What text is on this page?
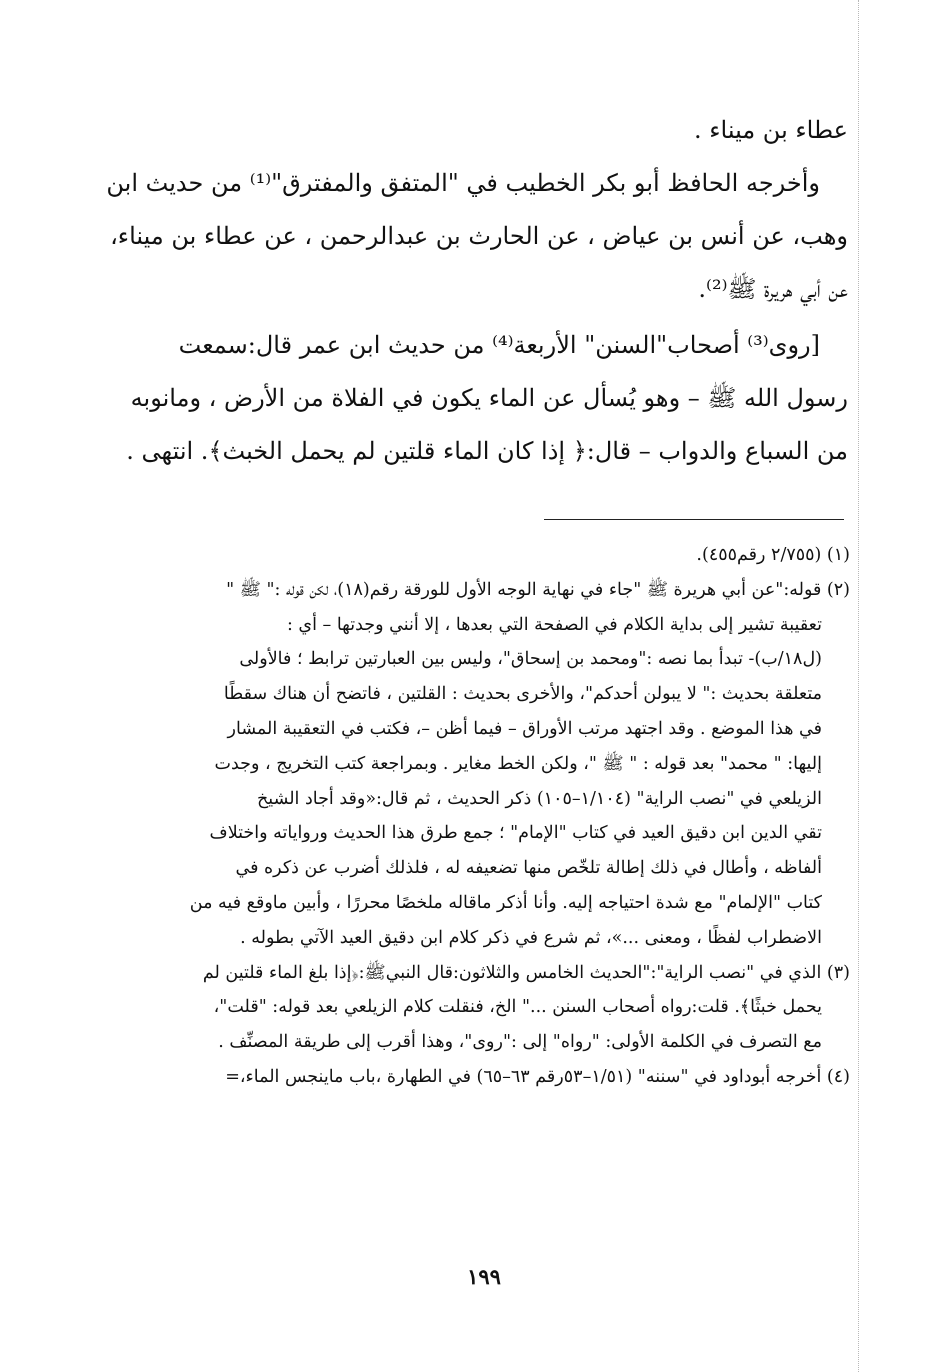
عطاء بن ميناء .

وأخرجه الحافظ أبو بكر الخطيب في "المتفق والمفترق"⁽¹⁾ من حديث ابن

وهب، عن أنس بن عياض ، عن الحارث بن عبدالرحمن ، عن عطاء بن ميناء،

عن أبي هريرة ﷺ⁽²⁾.

[روى⁽³⁾ أصحاب"السنن" الأربعة⁽⁴⁾ من حديث ابن عمر قال:سمعت

رسول الله ﷺ – وهو يُسأل عن الماء يكون في الفلاة من الأرض ، ومانوبه

من السباع والدواب – قال:﴿ إذا كان الماء قلتين لم يحمل الخبث﴾. انتهى .

(١) (٢/٧٥٥ رقم٤٥٥).

(٢) قوله:"عن أبي هريرة ﷺ "جاء في نهاية الوجه الأول للورقة رقم(١٨)، لكن قوله :" ﷺ "

تعقيبة تشير إلى بداية الكلام في الصفحة التي بعدها ، إلا أنني وجدتها – أي :

(ل١٨/ب)- تبدأ بما نصه :"ومحمد بن إسحاق"، وليس بين العبارتين ترابط ؛ فالأولى

متعلقة بحديث :" لا يبولن أحدكم"، والأخرى بحديث : القلتين ، فاتضح أن هناك سقطًا

في هذا الموضع . وقد اجتهد مرتب الأوراق – فيما أظن –، فكتب في التعقيبة المشار

إليها: " محمد" بعد قوله : " ﷺ "، ولكن الخط مغاير . وبمراجعة كتب التخريج ، وجدت

الزيلعي في "نصب الراية" (١/١٠٤–١٠٥) ذكر الحديث ، ثم قال:«وقد أجاد الشيخ

تقي الدين ابن دقيق العيد في كتاب "الإمام" ؛ جمع طرق هذا الحديث ورواياته واختلاف

ألفاظه ، وأطال في ذلك إطالة تلخّص منها تضعيفه له ، فلذلك أضرب عن ذكره في

كتاب "الإلمام" مع شدة احتياجه إليه. وأنا أذكر ماقاله ملخصًا محررًا ، وأبين ماوقع فيه من

الاضطراب لفظًا ، ومعنى ...»، ثم شرع في ذكر كلام ابن دقيق العيد الآتي بطوله .

(٣) الذي في "نصب الراية":"الحديث الخامس والثلاثون:قال النبيﷺ:﴿إذا بلغ الماء قلتين لم

يحمل خبثًا﴾. قلت:رواه أصحاب السنن ..." الخ، فنقلت كلام الزيلعي بعد قوله: "قلت"،

مع التصرف في الكلمة الأولى: "رواه" إلى :"روى"، وهذا أقرب إلى طريقة المصنِّف .

(٤) أخرجه أبوداود في "سننه" (١/٥١–٥٣رقم ٦٣–٦٥) في الطهارة ،باب ماينجس الماء،=

١٩٩
